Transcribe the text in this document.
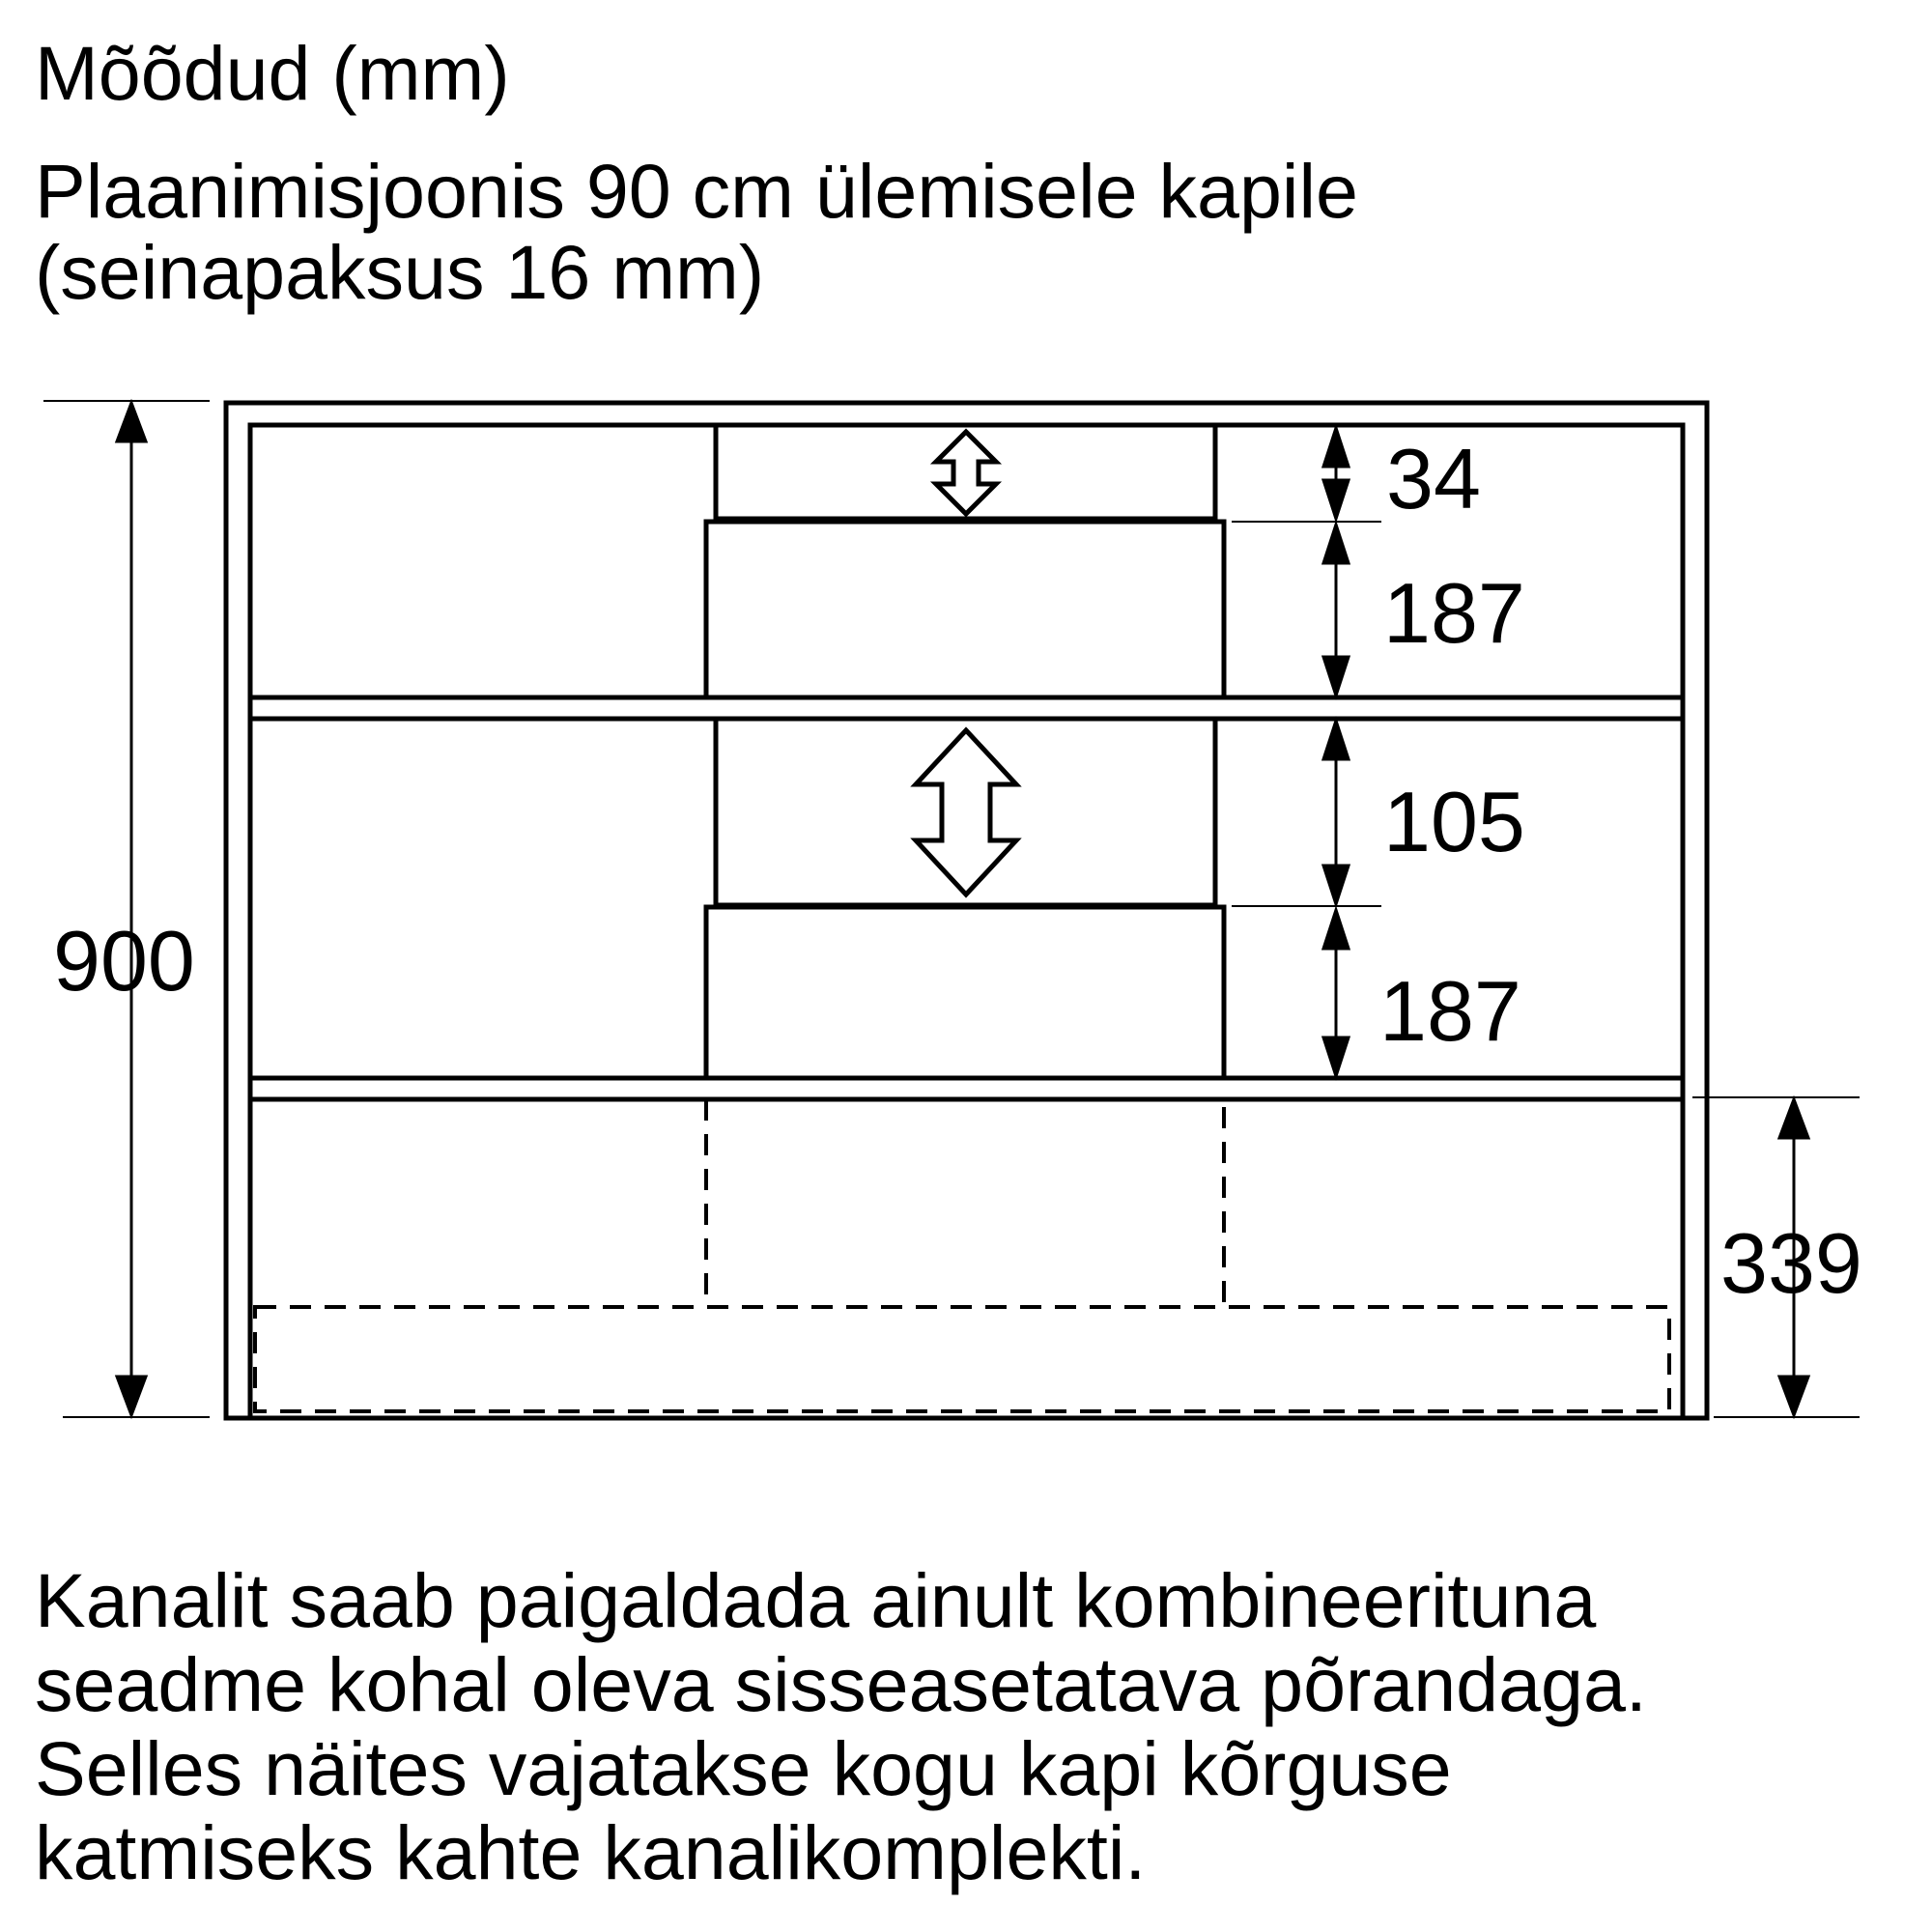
Mõõdud (mm)
Plaanimisjoonis 90 cm ülemisele kapile
(seinapaksus 16 mm)
900
34
187
105
187
339
Kanalit saab paigaldada ainult kombineerituna
seadme kohal oleva sisseasetatava põrandaga.
Selles näites vajatakse kogu kapi kõrguse
katmiseks kahte kanalikomplekti.
